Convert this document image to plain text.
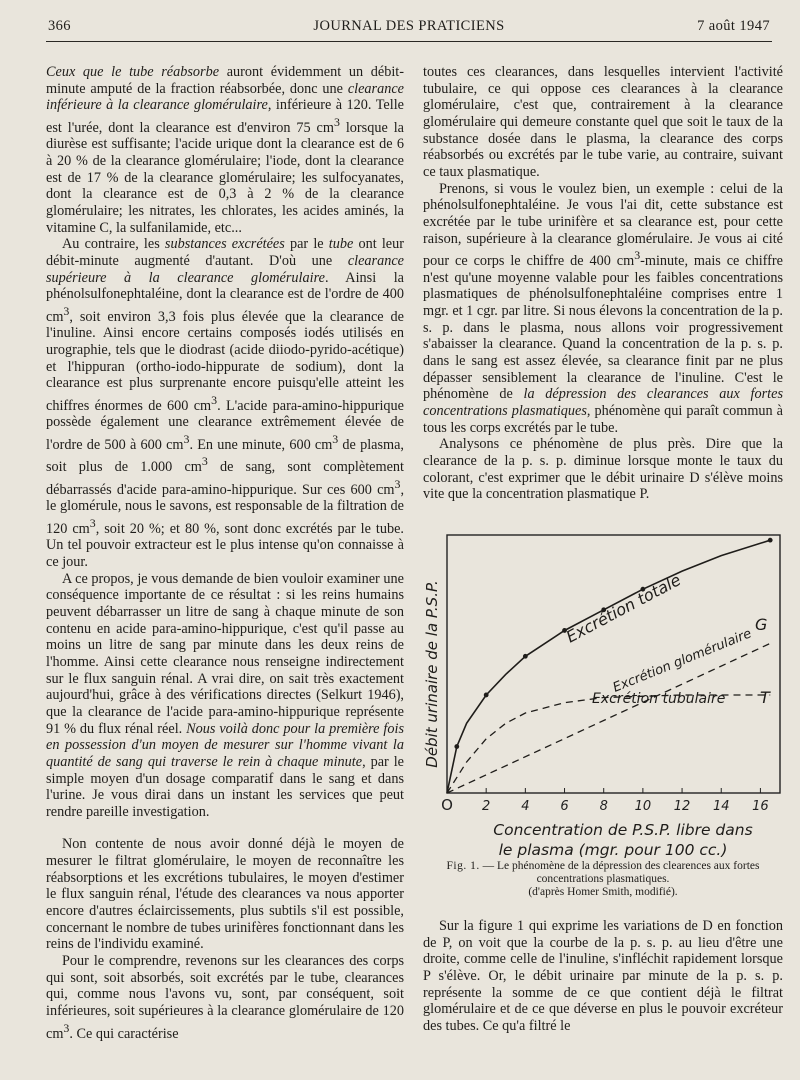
366	JOURNAL DES PRATICIENS	7 août 1947

Ceux que le tube réabsorbe auront évidemment un débit-minute amputé de la fraction réabsorbée, donc une clearance inférieure à la clearance glomérulaire, inférieure à 120. Telle est l'urée, dont la clearance est d'environ 75 $cm^3$ lorsque la diurèse est suffisante; l'acide urique dont la clearance est de 6 à 20 % de la clearance glomérulaire; l'iode, dont la clearance est de 17 % de la clearance glomérulaire; les sulfocyanates, dont la clearance est de 0,3 à 2 % de la clearance glomérulaire; les nitrates, les chlorates, les acides aminés, la vitamine C, la sulfanilamide, etc...

Au contraire, les substances excrétées par le tube ont leur débit-minute augmenté d'autant. D'où une clearance supérieure à la clearance glomérulaire. Ainsi la phénolsulfonephtaléine, dont la clearance est de l'ordre de 400 $cm^3$, soit environ 3,3 fois plus élevée que la clearance de l'inuline. Ainsi encore certains composés iodés utilisés en urographie, tels que le diodrast (acide diiodo-pyrido-acétique) et l'hippuran (ortho-iodo-hippurate de sodium), dont la clearance est plus surprenante encore puisqu'elle atteint les chiffres énormes de 600 $cm^3$. L'acide para-amino-hippurique possède également une clearance extrêmement élevée de l'ordre de 500 à 600 $cm^3$. En une minute, 600 $cm^3$ de plasma, soit plus de 1.000 $cm^3$ de sang, sont complètement débarrassés d'acide para-amino-hippurique. Sur ces 600 $cm^3$, le glomérule, nous le savons, est responsable de la filtration de 120 $cm^3$, soit 20 %; et 80 %, sont donc excrétés par le tube. Un tel pouvoir extracteur est le plus intense qu'on connaisse à ce jour.

A ce propos, je vous demande de bien vouloir examiner une conséquence importante de ce résultat : si les reins humains peuvent débarrasser un litre de sang à chaque minute de son contenu en acide para-amino-hippurique, c'est qu'il passe au moins un litre de sang par minute dans les deux reins de l'homme. Ainsi cette clearance nous renseigne indirectement sur le flux sanguin rénal. A vrai dire, on sait très exactement aujourd'hui, grâce à des vérifications directes (Selkurt 1946), que la clearance de l'acide para-amino-hippurique représente 91 % du flux rénal réel. Nous voilà donc pour la première fois en possession d'un moyen de mesurer sur l'homme vivant la quantité de sang qui traverse le rein à chaque minute, par le simple moyen d'un dosage comparatif dans le sang et dans l'urine. Je vous dirai dans un instant les services que peut rendre pareille investigation.

Non contente de nous avoir donné déjà le moyen de mesurer le filtrat glomérulaire, le moyen de reconnaître les réabsorptions et les excrétions tubulaires, le moyen d'estimer le flux sanguin rénal, l'étude des clearances va nous apporter encore d'autres éclaircissements, plus subtils s'il est possible, concernant le nombre de tubes urinifères fonctionnant dans les reins de l'individu examiné.

Pour le comprendre, revenons sur les clearances des corps qui sont, soit absorbés, soit excrétés par le tube, clearances qui, comme nous l'avons vu, sont, par conséquent, soit inférieures, soit supérieures à la clearance glomérulaire de 120 $cm^3$. Ce qui caractérise

toutes ces clearances, dans lesquelles intervient l'activité tubulaire, ce qui oppose ces clearances à la clearance glomérulaire, c'est que, contrairement à la clearance glomérulaire qui demeure constante quel que soit le taux de la substance dosée dans le plasma, la clearance des corps réabsorbés ou excrétés par le tube varie, au contraire, suivant ce taux plasmatique.

Prenons, si vous le voulez bien, un exemple : celui de la phénolsulfonephtaléine. Je vous l'ai dit, cette substance est excrétée par le tube urinifère et sa clearance est, pour cette raison, supérieure à la clearance glomérulaire. Je vous ai cité pour ce corps le chiffre de 400 $cm^3$-minute, mais ce chiffre n'est qu'une moyenne valable pour les faibles concentrations plasmatiques de phénolsulfonephtaléine comprises entre 1 mgr. et 1 cgr. par litre. Si nous élevons la concentration de la p. s. p. dans le plasma, nous allons voir progressivement s'abaisser la clearance. Quand la concentration de la p. s. p. dans le sang est assez élevée, sa clearance finit par ne plus dépasser sensiblement la clearance de l'inuline. C'est le phénomène de la dépression des clearances aux fortes concentrations plasmatiques, phénomène qui paraît commun à tous les corps excrétés par le tube.

Analysons ce phénomène de plus près. Dire que la clearance de la p. s. p. diminue lorsque monte le taux du colorant, c'est exprimer que le débit urinaire D s'élève moins vite que la concentration plasmatique P.

O 2 4 6 8 10 12 14 16
Excrétion totale
Excrétion glomérulaire
Excrétion tubulaire
G
T
Débit urinaire de la P.S.P.
Concentration de P.S.P. libre dans
le plasma (mgr. pour 100 cc.)
Fig. 1. — Le phénomène de la dépression des clearences aux fortes concentrations plasmatiques.
(d'après Homer Smith, modifié).

Sur la figure 1 qui exprime les variations de D en fonction de P, on voit que la courbe de la p. s. p. au lieu d'être une droite, comme celle de l'inuline, s'infléchit rapidement lorsque P s'élève. Or, le débit urinaire par minute de la p. s. p. représente la somme de ce que contient déjà le filtrat glomérulaire et de ce que déverse en plus le pouvoir excréteur des tubes. Ce qu'a filtré le
